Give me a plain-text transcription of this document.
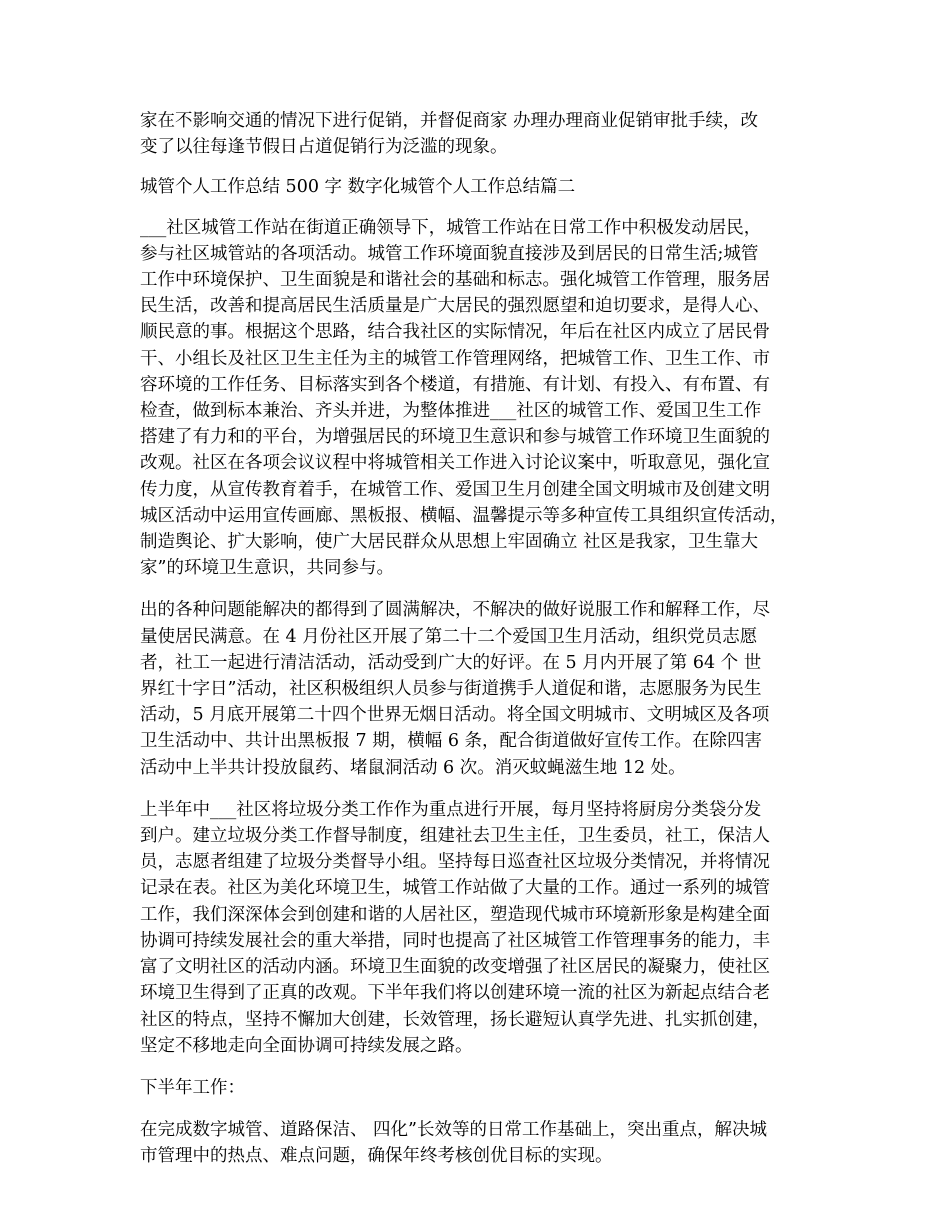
家在不影响交通的情况下进行促销，并督促商家 办理办理商业促销审批手续，改
变了以往每逢节假日占道促销行为泛滥的现象。

城管个人工作总结 500 字 数字化城管个人工作总结篇二

___社区城管工作站在街道正确领导下，城管工作站在日常工作中积极发动居民，
参与社区城管站的各项活动。城管工作环境面貌直接涉及到居民的日常生活;城管
工作中环境保护、卫生面貌是和谐社会的基础和标志。强化城管工作管理，服务居
民生活，改善和提高居民生活质量是广大居民的强烈愿望和迫切要求，是得人心、
顺民意的事。根据这个思路，结合我社区的实际情况，年后在社区内成立了居民骨
干、小组长及社区卫生主任为主的城管工作管理网络，把城管工作、卫生工作、市
容环境的工作任务、目标落实到各个楼道，有措施、有计划、有投入、有布置、有
检查，做到标本兼治、齐头并进，为整体推进___社区的城管工作、爱国卫生工作
搭建了有力和的平台，为增强居民的环境卫生意识和参与城管工作环境卫生面貌的
改观。社区在各项会议议程中将城管相关工作进入讨论议案中，听取意见，强化宣
传力度，从宣传教育着手，在城管工作、爱国卫生月创建全国文明城市及创建文明
城区活动中运用宣传画廊、黑板报、横幅、温馨提示等多种宣传工具组织宣传活动，
制造舆论、扩大影响，使广大居民群众从思想上牢固确立 社区是我家，卫生靠大
家”的环境卫生意识，共同参与。

出的各种问题能解决的都得到了圆满解决，不解决的做好说服工作和解释工作，尽
量使居民满意。在 4 月份社区开展了第二十二个爱国卫生月活动，组织党员志愿
者，社工一起进行清洁活动，活动受到广大的好评。在 5 月内开展了第 64 个 世
界红十字日”活动，社区积极组织人员参与街道携手人道促和谐，志愿服务为民生
活动，5 月底开展第二十四个世界无烟日活动。将全国文明城市、文明城区及各项
卫生活动中、共计出黑板报 7 期，横幅 6 条，配合街道做好宣传工作。在除四害
活动中上半共计投放鼠药、堵鼠洞活动 6 次。消灭蚊蝇滋生地 12 处。

上半年中___社区将垃圾分类工作作为重点进行开展，每月坚持将厨房分类袋分发
到户。建立垃圾分类工作督导制度，组建社去卫生主任，卫生委员，社工，保洁人
员，志愿者组建了垃圾分类督导小组。坚持每日巡查社区垃圾分类情况，并将情况
记录在表。社区为美化环境卫生，城管工作站做了大量的工作。通过一系列的城管
工作，我们深深体会到创建和谐的人居社区，塑造现代城市环境新形象是构建全面
协调可持续发展社会的重大举措，同时也提高了社区城管工作管理事务的能力，丰
富了文明社区的活动内涵。环境卫生面貌的改变增强了社区居民的凝聚力，使社区
环境卫生得到了正真的改观。下半年我们将以创建环境一流的社区为新起点结合老
社区的特点，坚持不懈加大创建，长效管理，扬长避短认真学先进、扎实抓创建，
坚定不移地走向全面协调可持续发展之路。

下半年工作：

在完成数字城管、道路保洁、 四化”长效等的日常工作基础上，突出重点，解决城
市管理中的热点、难点问题，确保年终考核创优目标的实现。
